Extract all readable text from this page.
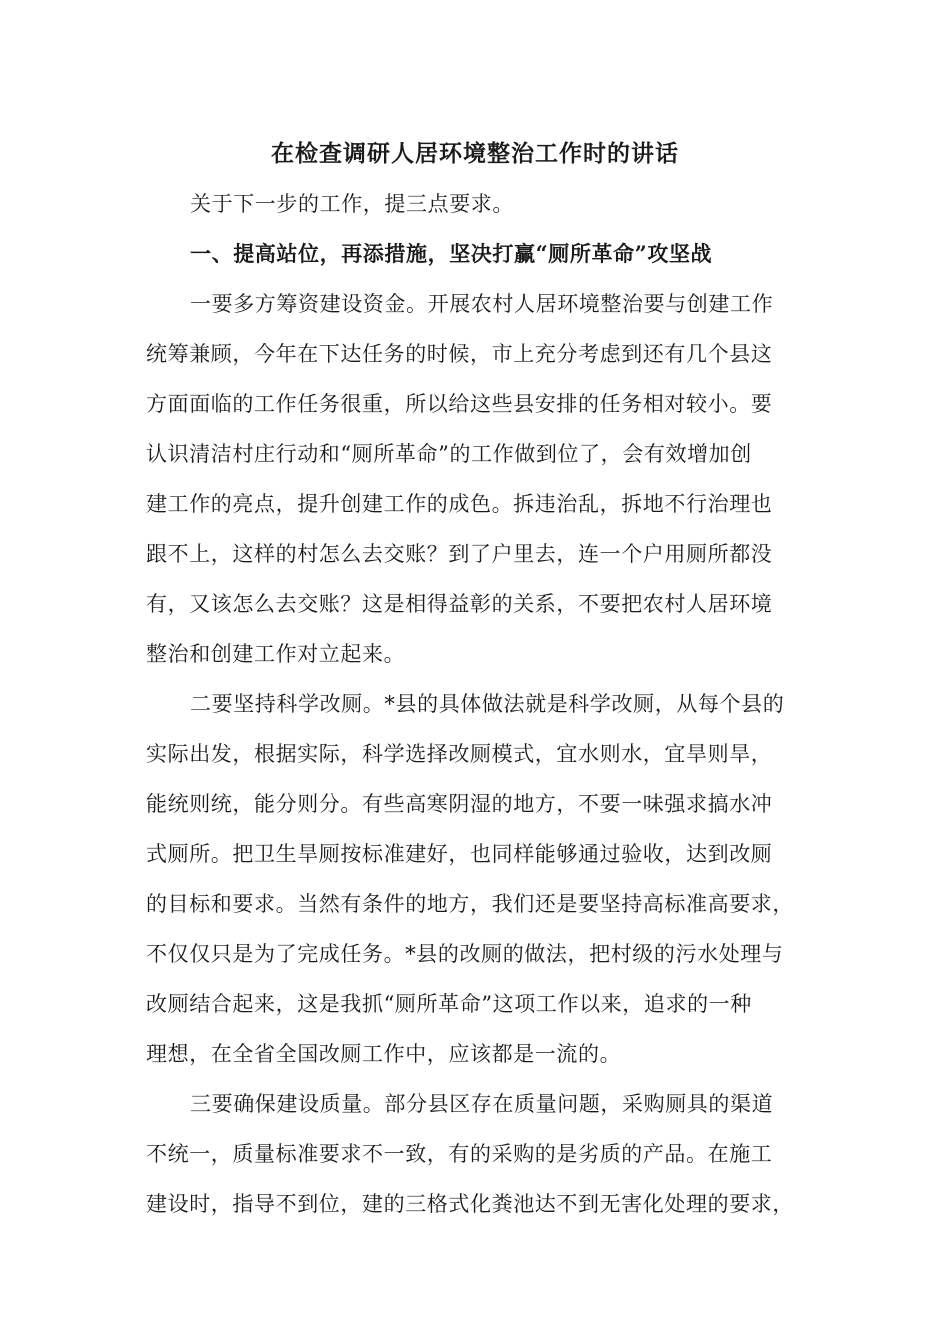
在检查调研人居环境整治工作时的讲话
关于下一步的工作，提三点要求。
一、提高站位，再添措施，坚决打赢“厕所革命”攻坚战
一要多方筹资建设资金。开展农村人居环境整治要与创建工作
统筹兼顾，今年在下达任务的时候，市上充分考虑到还有几个县这
方面面临的工作任务很重，所以给这些县安排的任务相对较小。要
认识清洁村庄行动和“厕所革命”的工作做到位了，会有效增加创
建工作的亮点，提升创建工作的成色。拆违治乱，拆地不行治理也
跟不上，这样的村怎么去交账？到了户里去，连一个户用厕所都没
有，又该怎么去交账？这是相得益彰的关系，不要把农村人居环境
整治和创建工作对立起来。
二要坚持科学改厕。*县的具体做法就是科学改厕，从每个县的
实际出发，根据实际，科学选择改厕模式，宜水则水，宜旱则旱，
能统则统，能分则分。有些高寒阴湿的地方，不要一味强求搞水冲
式厕所。把卫生旱厕按标准建好，也同样能够通过验收，达到改厕
的目标和要求。当然有条件的地方，我们还是要坚持高标准高要求，
不仅仅只是为了完成任务。*县的改厕的做法，把村级的污水处理与
改厕结合起来，这是我抓“厕所革命”这项工作以来，追求的一种
理想，在全省全国改厕工作中，应该都是一流的。
三要确保建设质量。部分县区存在质量问题，采购厕具的渠道
不统一，质量标准要求不一致，有的采购的是劣质的产品。在施工
建设时，指导不到位，建的三格式化粪池达不到无害化处理的要求，
